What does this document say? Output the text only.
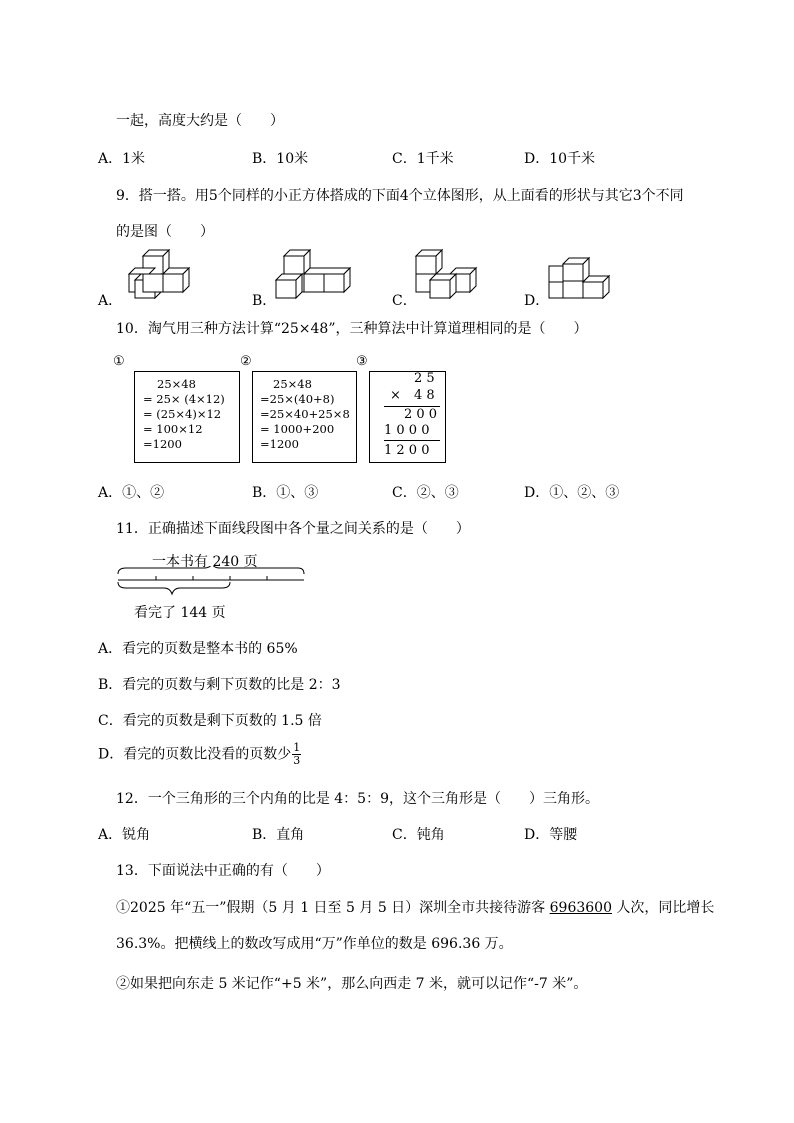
一起，高度大约是（　　）
A．1米	B．10米	C．1千米	D．10千米
9．搭一搭。用5个同样的小正方体搭成的下面4个立体图形，从上面看的形状与其它3个不同
的是图（　　）
A．	B．	C．	D．
10．淘气用三种方法计算“25×48”，三种算法中计算道理相同的是（　　）
①	②	③
25×48
= 25× (4×12)
= (25×4)×12
= 100×12
=1200
25×48
=25×(40+8)
=25×40+25×8
= 1000+200
=1200
2 5
× 4 8
2 0 0
1 0 0 0
1 2 0 0
A．①、②	B．①、③	C．②、③	D．①、②、③
11．正确描述下面线段图中各个量之间关系的是（　　）
一本书有 240 页
看完了 144 页
A．看完的页数是整本书的 65%
B．看完的页数与剩下页数的比是 2：3
C．看完的页数是剩下页数的 1.5 倍
D．看完的页数比没看的页数少 $\frac{1}{3}$
12．一个三角形的三个内角的比是 4：5：9，这个三角形是（　　）三角形。
A．锐角	B．直角	C．钝角	D．等腰
13．下面说法中正确的有（　　）
①2025 年“五一”假期（5 月 1 日至 5 月 5 日）深圳全市共接待游客 6963600 人次，同比增长
36.3%。把横线上的数改写成用“万”作单位的数是 696.36 万。
②如果把向东走 5 米记作“+5 米”，那么向西走 7 米，就可以记作“-7 米”。
